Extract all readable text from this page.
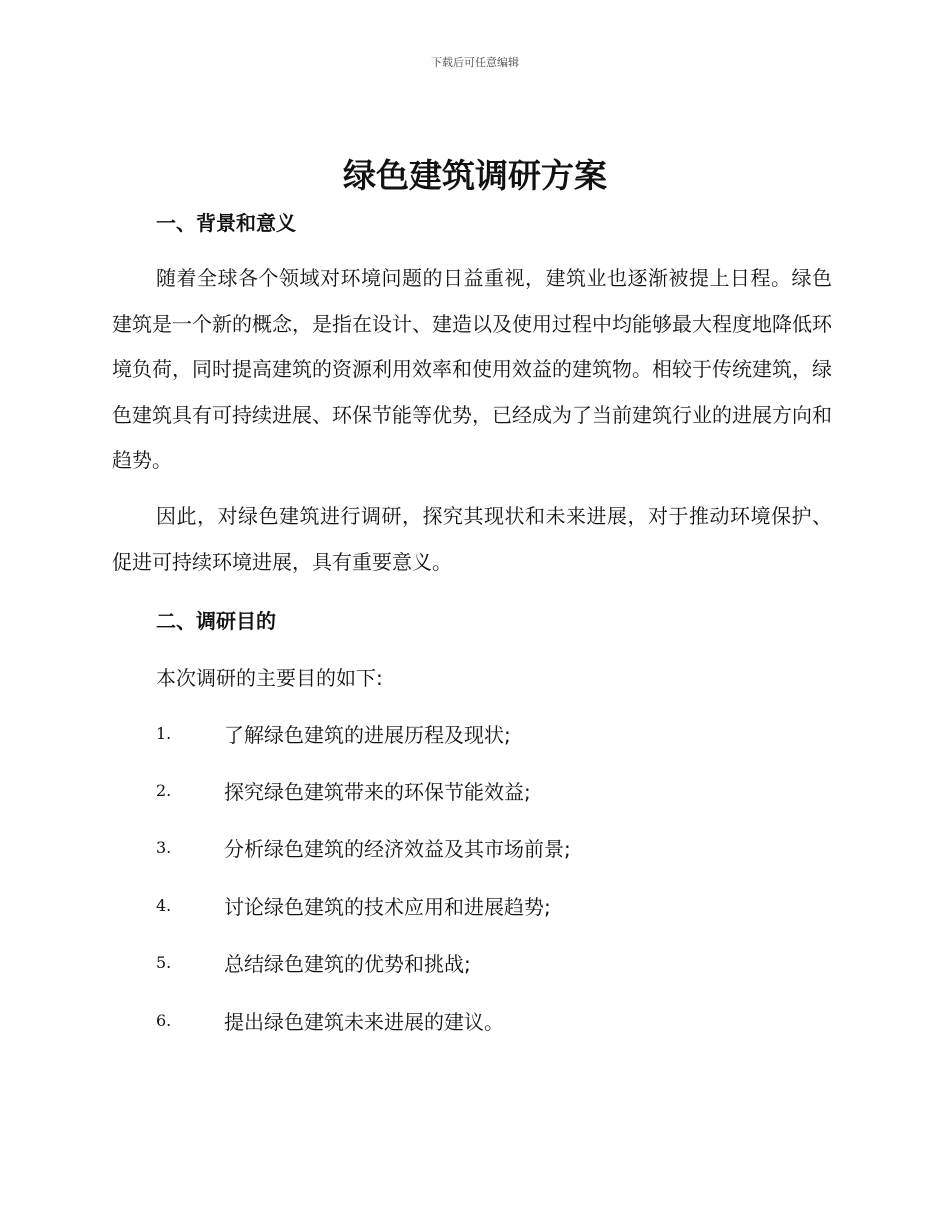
下载后可任意编辑
绿色建筑调研方案
一、背景和意义

随着全球各个领域对环境问题的日益重视，建筑业也逐渐被提上日程。绿色建筑是一个新的概念，是指在设计、建造以及使用过程中均能够最大程度地降低环境负荷，同时提高建筑的资源利用效率和使用效益的建筑物。相较于传统建筑，绿色建筑具有可持续进展、环保节能等优势，已经成为了当前建筑行业的进展方向和趋势。

因此，对绿色建筑进行调研，探究其现状和未来进展，对于推动环境保护、促进可持续环境进展，具有重要意义。

二、调研目的

本次调研的主要目的如下:

1.	了解绿色建筑的进展历程及现状;
2.	探究绿色建筑带来的环保节能效益;
3.	分析绿色建筑的经济效益及其市场前景;
4.	讨论绿色建筑的技术应用和进展趋势;
5.	总结绿色建筑的优势和挑战;
6.	提出绿色建筑未来进展的建议。
